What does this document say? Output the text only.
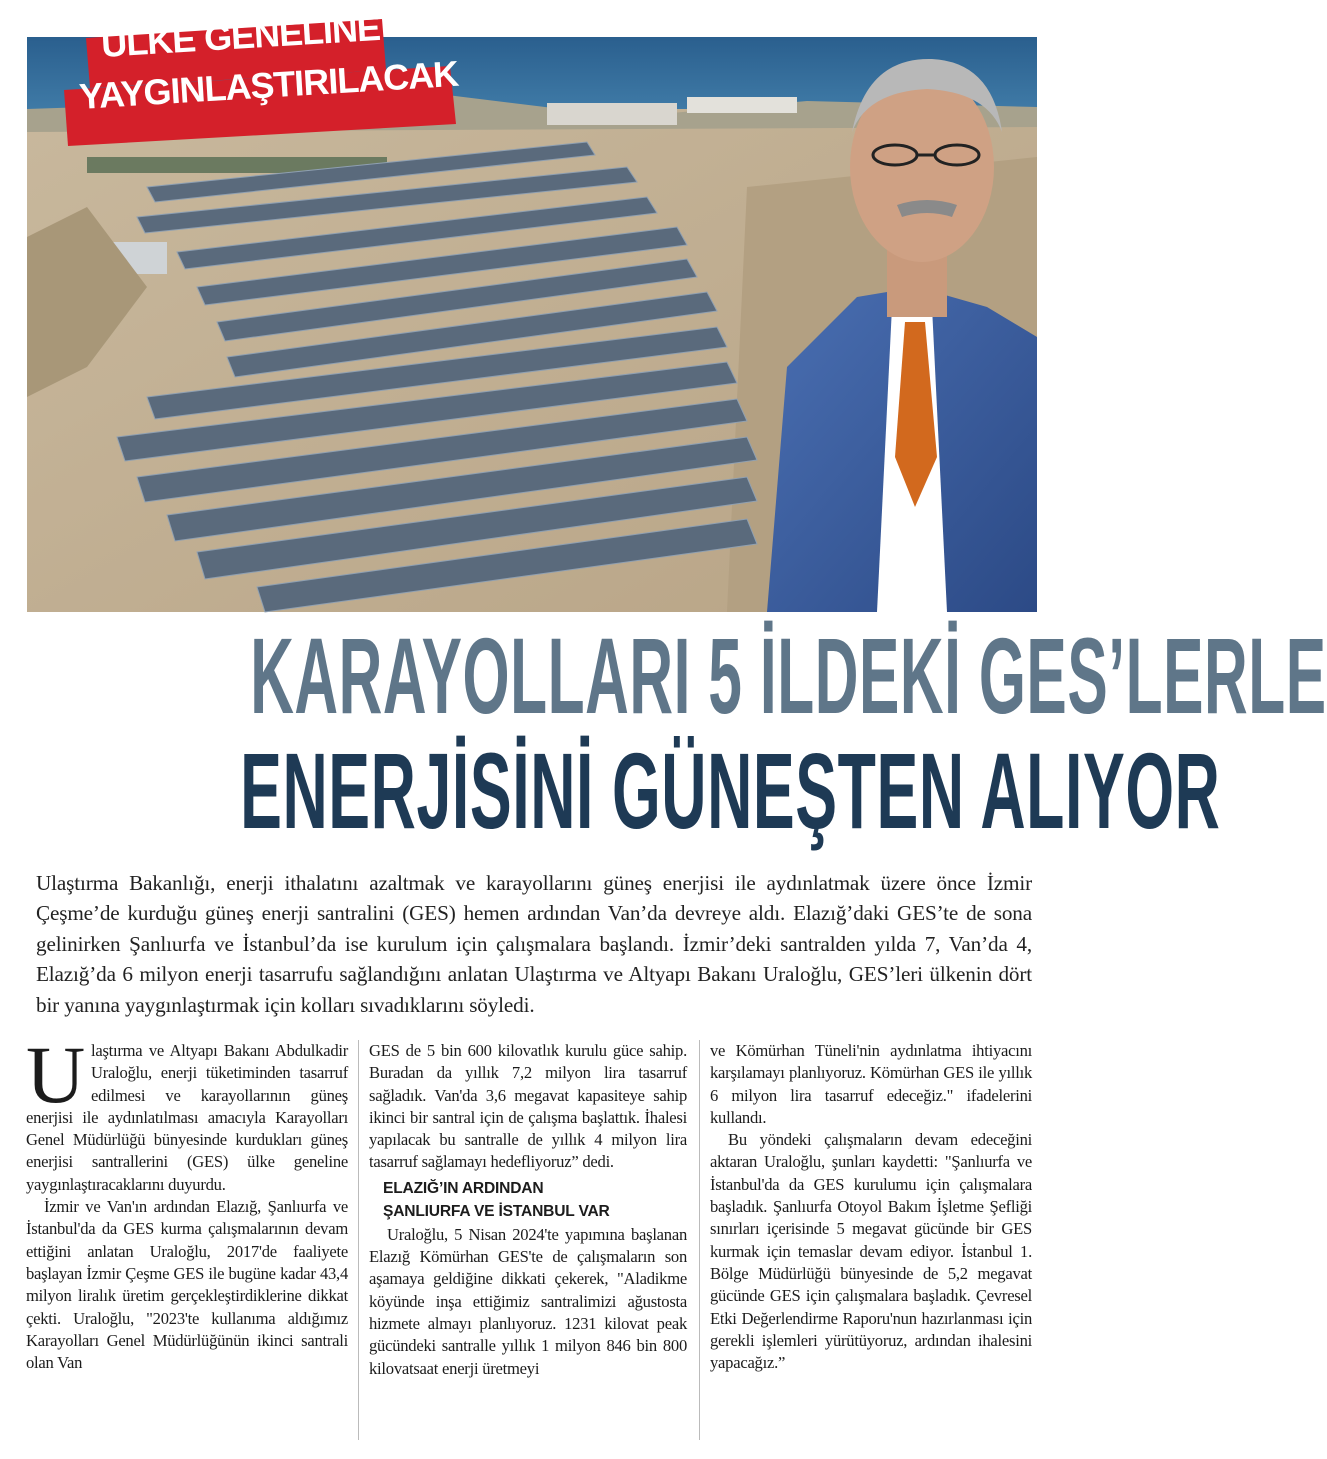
ÜLKE GENELİNE
YAYGINLAŞTIRILACAK
KARAYOLLARI 5 İLDEKİ GES’LERLE
ENERJİSİNİ GÜNEŞTEN ALIYOR
Ulaştırma Bakanlığı, enerji ithalatını azaltmak ve karayollarını güneş enerjisi ile aydınlatmak üzere önce İzmir Çeşme’de kurduğu güneş enerji santralini (GES) hemen ardından Van’da devreye aldı. Elazığ’daki GES’te de sona gelinirken Şanlıurfa ve İstanbul’da ise kurulum için çalışmalara başlandı. İzmir’deki santralden yılda 7, Van’da 4, Elazığ’da 6 milyon enerji tasarrufu sağlandığını anlatan Ulaştırma ve Altyapı Bakanı Uraloğlu, GES’leri ülkenin dört bir yanına yaygınlaştırmak için kolları sıvadıklarını söyledi.

Ulaştırma ve Altyapı Bakanı Abdulkadir Uraloğlu, enerji tüketiminden tasarruf edilmesi ve karayollarının güneş enerjisi ile aydınlatılması amacıyla Karayolları Genel Müdürlüğü bünyesinde kurdukları güneş enerjisi santrallerini (GES) ülke geneline yaygınlaştıracaklarını duyurdu.

İzmir ve Van'ın ardından Elazığ, Şanlıurfa ve İstanbul'da da GES kurma çalışmalarının devam ettiğini anlatan Uraloğlu, 2017'de faaliyete başlayan İzmir Çeşme GES ile bugüne kadar 43,4 milyon liralık üretim gerçekleştirdiklerine dikkat çekti. Uraloğlu, "2023'te kullanıma aldığımız Karayolları Genel Müdürlüğünün ikinci santrali olan Van

GES de 5 bin 600 kilovatlık kurulu güce sahip. Buradan da yıllık 7,2 milyon lira tasarruf sağladık. Van'da 3,6 megavat kapasiteye sahip ikinci bir santral için de çalışma başlattık. İhalesi yapılacak bu santralle de yıllık 4 milyon lira tasarruf sağlamayı hedefliyoruz” dedi.

ELAZIĞ’IN ARDINDAN
ŞANLIURFA VE İSTANBUL VAR

Uraloğlu, 5 Nisan 2024'te yapımına başlanan Elazığ Kömürhan GES'te de çalışmaların son aşamaya geldiğine dikkati çekerek, "Aladikme köyünde inşa ettiğimiz santralimizi ağustosta hizmete almayı planlıyoruz. 1231 kilovat peak gücündeki santralle yıllık 1 milyon 846 bin 800 kilovatsaat enerji üretmeyi

ve Kömürhan Tüneli'nin aydınlatma ihtiyacını karşılamayı planlıyoruz. Kömürhan GES ile yıllık 6 milyon lira tasarruf edeceğiz." ifadelerini kullandı.

Bu yöndeki çalışmaların devam edeceğini aktaran Uraloğlu, şunları kaydetti: "Şanlıurfa ve İstanbul'da da GES kurulumu için çalışmalara başladık. Şanlıurfa Otoyol Bakım İşletme Şefliği sınırları içerisinde 5 megavat gücünde bir GES kurmak için temaslar devam ediyor. İstanbul 1. Bölge Müdürlüğü bünyesinde de 5,2 megavat gücünde GES için çalışmalara başladık. Çevresel Etki Değerlendirme Raporu'nun hazırlanması için gerekli işlemleri yürütüyoruz, ardından ihalesini yapacağız.”
